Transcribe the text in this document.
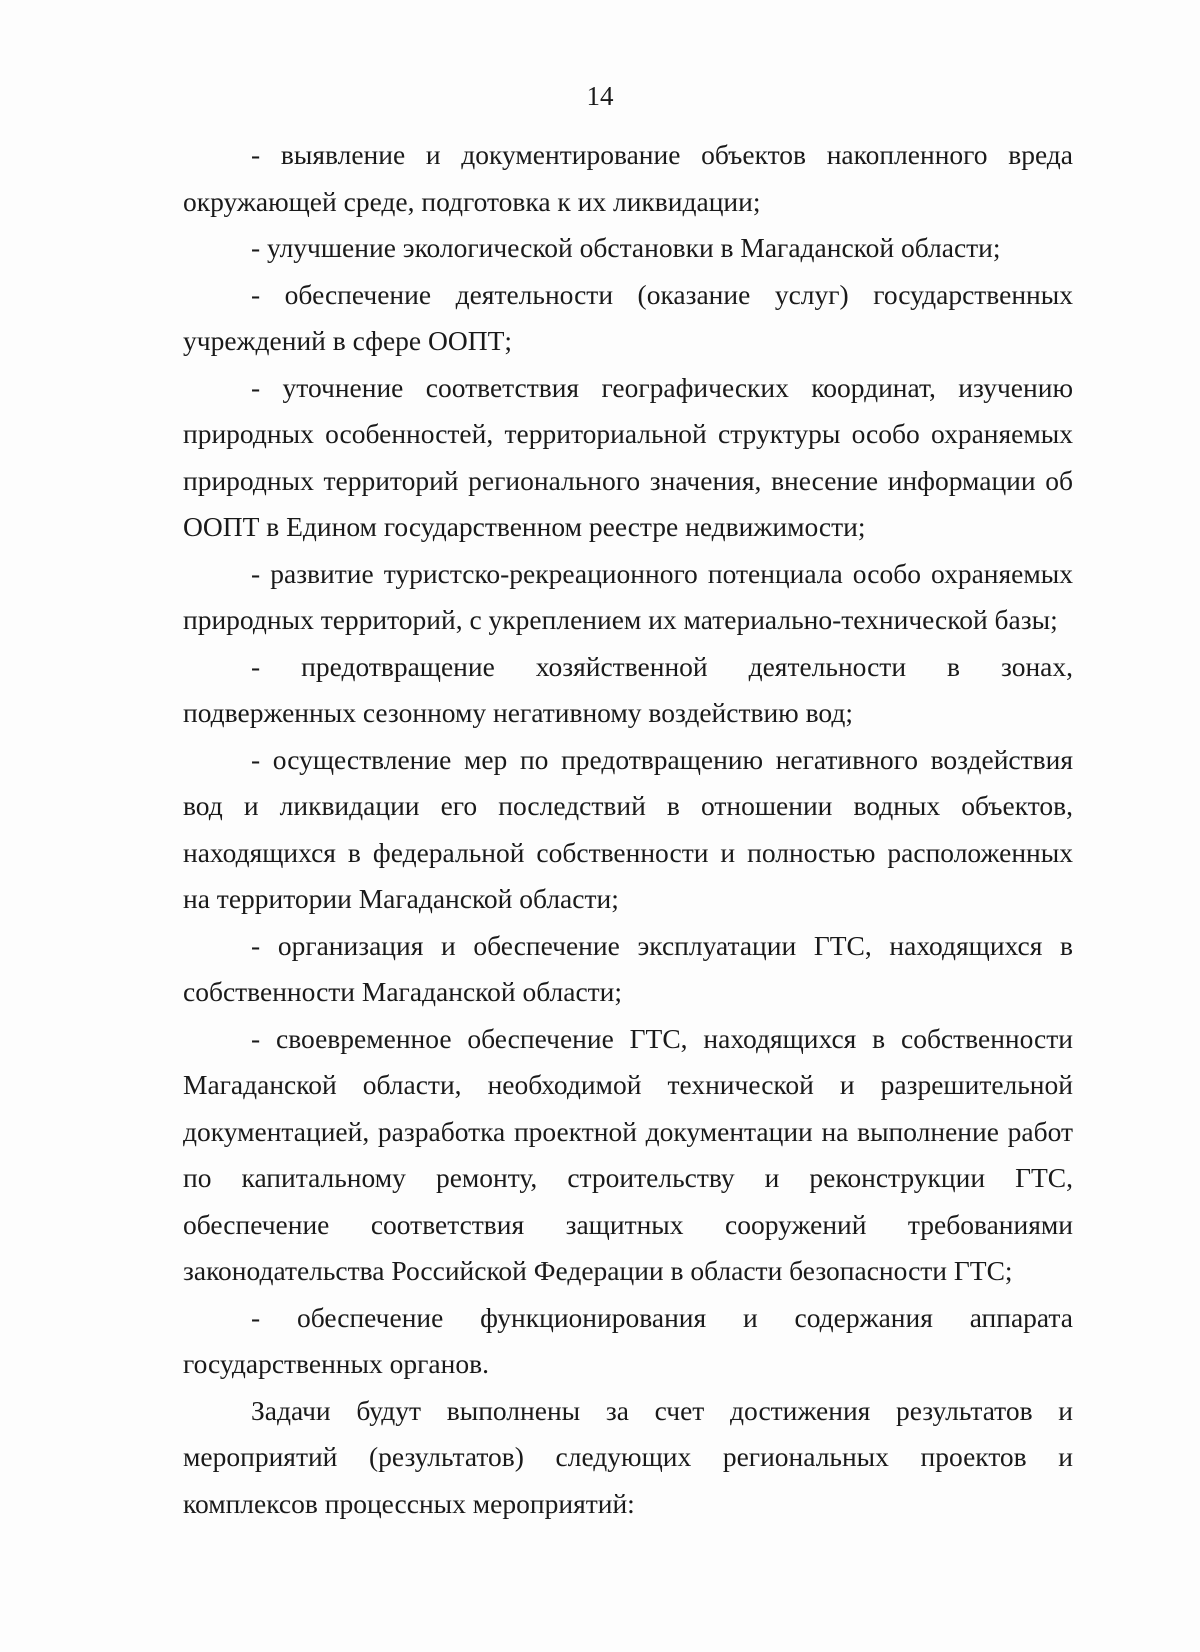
14

- выявление и документирование объектов накопленного вреда окружающей среде, подготовка к их ликвидации;

- улучшение экологической обстановки в Магаданской области;

- обеспечение деятельности (оказание услуг) государственных учреждений в сфере ООПТ;

- уточнение соответствия географических координат, изучению природных особенностей, территориальной структуры особо охраняемых природных территорий регионального значения, внесение информации об ООПТ в Едином государственном реестре недвижимости;

- развитие туристско-рекреационного потенциала особо охраняемых природных территорий, с укреплением их материально-технической базы;

- предотвращение хозяйственной деятельности в зонах, подверженных сезонному негативному воздействию вод;

- осуществление мер по предотвращению негативного воздействия вод и ликвидации его последствий в отношении водных объектов, находящихся в федеральной собственности и полностью расположенных на территории Магаданской области;

- организация и обеспечение эксплуатации ГТС, находящихся в собственности Магаданской области;

- своевременное обеспечение ГТС, находящихся в собственности Магаданской области, необходимой технической и разрешительной документацией, разработка проектной документации на выполнение работ по капитальному ремонту, строительству и реконструкции ГТС, обеспечение соответствия защитных сооружений требованиями законодательства Российской Федерации в области безопасности ГТС;

- обеспечение функционирования и содержания аппарата государственных органов.

Задачи будут выполнены за счет достижения результатов и мероприятий (результатов) следующих региональных проектов и комплексов процессных мероприятий:
